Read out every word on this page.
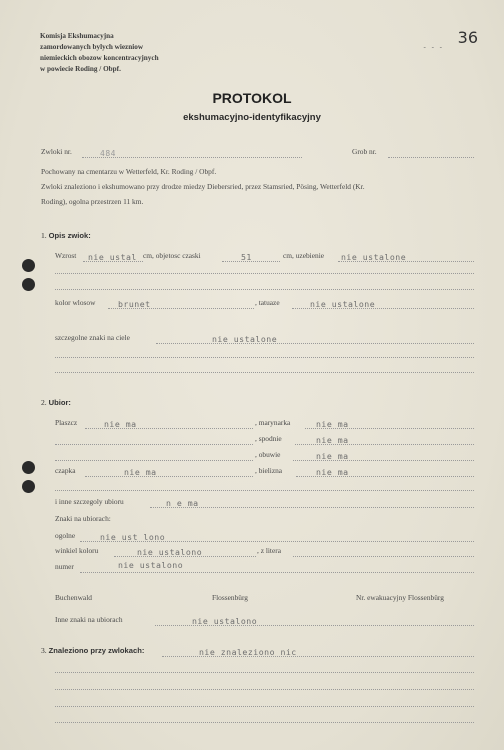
Komisja Ekshumacyjna
zamordowanych bylych wiezniow
niemieckich obozow koncentracyjnych
w powiecie Roding / Obpf.
- - - 36
PROTOKOL
ekshumacyjno-identyfikacyjny
Zwloki nr.	484	Grob nr.
Pochowany na cmentarzu w Wetterfeld, Kr. Roding / Obpf.
Zwloki znaleziono i ekshumowano przy drodze miedzy Diebersried, przez Stamsried, Pösing, Wetterfeld (Kr.
Roding), ogolna przestrzen 11 km.
1. Opis zwiok:
Wzrost nie ustal cm, objetosc czaski	51	cm, uzebienie nie ustalone
kolor wlosow	brunet	, tatuaze	nie ustalone
szczegolne znaki na ciele	nie ustalone
2. Ubior:
Plaszcz	nie ma	, marynarka	nie ma
, spodnie	nie ma
, obuwie	nie ma
czapka	nie ma	, bielizna	nie ma
i inne szczegoly ubioru	n e ma
Znaki na ubiorach:
ogolne	nie ust lono
winkiel koloru	nie ustalono	, z litera
numer	nie ustalono
Buchenwald	Flossenbürg	Nr. ewakuacyjny Flossenbürg
Inne znaki na ubiorach	nie ustalono
3. Znaleziono przy zwlokach:	nie znaleziono nic
